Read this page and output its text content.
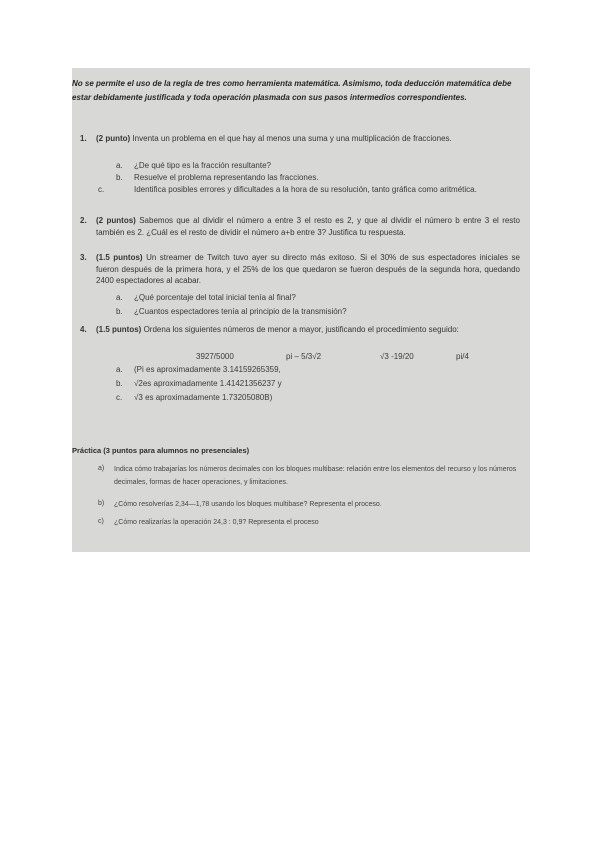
No se permite el uso de la regla de tres como herramienta matemática. Asimismo, toda deducción matemática debe estar debidamente justificada y toda operación plasmada con sus pasos intermedios correspondientes.
1. (2 punto) Inventa un problema en el que hay al menos una suma y una multiplicación de fracciones.
a. ¿De qué tipo es la fracción resultante?
b. Resuelve el problema representando las fracciones.
c.	Identifica posibles errores y dificultades a la hora de su resolución, tanto gráfica como aritmética.
2. (2 puntos) Sabemos que al dividir el número a entre 3 el resto es 2, y que al dividir el número b entre 3 el resto también es 2. ¿Cuál es el resto de dividir el número a+b entre 3? Justifica tu respuesta.
3. (1.5 puntos) Un streamer de Twitch tuvo ayer su directo más exitoso. Si el 30% de sus espectadores iniciales se fueron después de la primera hora, y el 25% de los que quedaron se fueron después de la segunda hora, quedando 2400 espectadores al acabar.
a. ¿Qué porcentaje del total inicial tenía al final?
b. ¿Cuantos espectadores tenía al principio de la transmisión?
4. (1.5 puntos) Ordena los siguientes números de menor a mayor, justificando el procedimiento seguido:
3927/5000	pi – 5/3√2	√3 -19/20	pi/4
a. (Pi es aproximadamente 3.14159265359,
b. √2es aproximadamente 1.41421356237 y
c. √3 es aproximadamente 1.73205080B)
Práctica (3 puntos para alumnos no presenciales)
a) Indica cómo trabajarías los números decimales con los bloques multibase: relación entre los elementos del recurso y los números decimales, formas de hacer operaciones, y limitaciones.
b) ¿Cómo resolverías 2,34—1,78 usando los bloques multibase? Representa el proceso.
c) ¿Cómo realizarías la operación 24,3 : 0,9? Representa el proceso
